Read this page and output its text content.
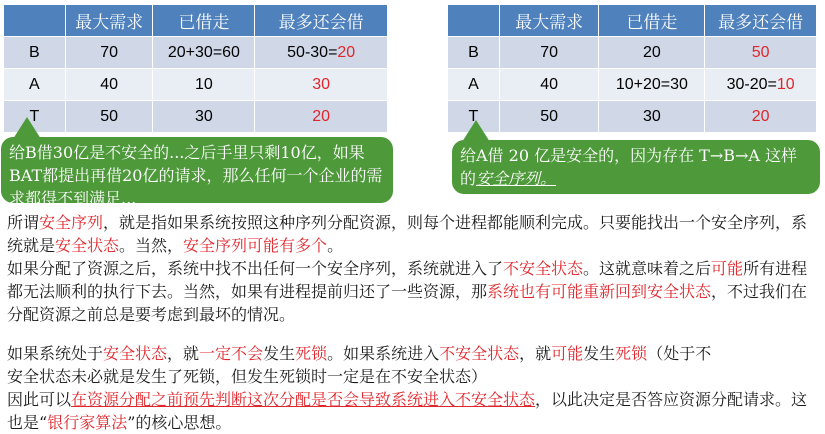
	最大需求	已借走	最多还会借
B	70	20+30=60	50-30=20
A	40	10	30
T	50	30	20
	最大需求	已借走	最多还会借
B	70	20	50
A	40	10+20=30	30-20=10
T	50	30	20
给B借30亿是不安全的...之后手里只剩10亿，如果BAT都提出再借20亿的请求，那么任何一个企业的需求都得不到满足...
给A借 20 亿是安全的，因为存在 T→B→A 这样的安全序列。

所谓安全序列，就是指如果系统按照这种序列分配资源，则每个进程都能顺利完成。只要能找出一个安全序列，系统就是安全状态。当然，安全序列可能有多个。

如果分配了资源之后，系统中找不出任何一个安全序列，系统就进入了不安全状态。这就意味着之后可能所有进程都无法顺利的执行下去。当然，如果有进程提前归还了一些资源，那系统也有可能重新回到安全状态，不过我们在分配资源之前总是要考虑到最坏的情况。

如果系统处于安全状态，就一定不会发生死锁。如果系统进入不安全状态，就可能发生死锁（处于不

安全状态未必就是发生了死锁，但发生死锁时一定是在不安全状态）

因此可以在资源分配之前预先判断这次分配是否会导致系统进入不安全状态，以此决定是否答应资源分配请求。这也是“银行家算法”的核心思想。
